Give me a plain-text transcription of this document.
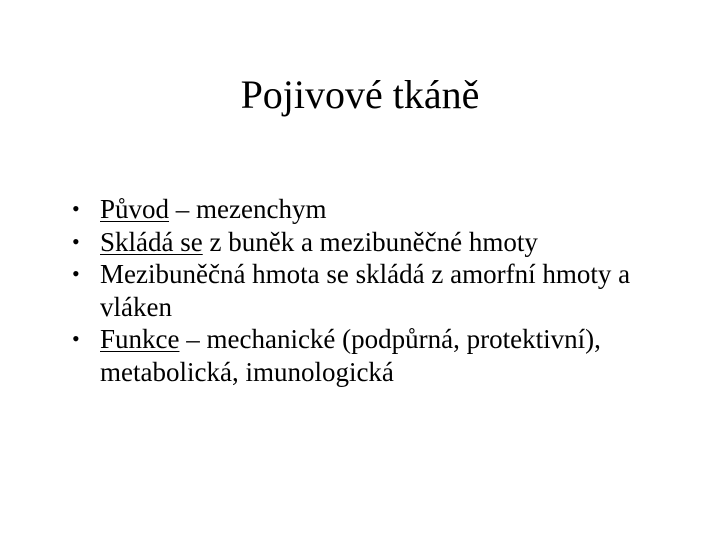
Pojivové tkáně
• Původ – mezenchym
• Skládá se z buněk a mezibuněčné hmoty
• Mezibuněčná hmota se skládá z amorfní hmoty a vláken
• Funkce – mechanické (podpůrná, protektivní), metabolická, imunologická
